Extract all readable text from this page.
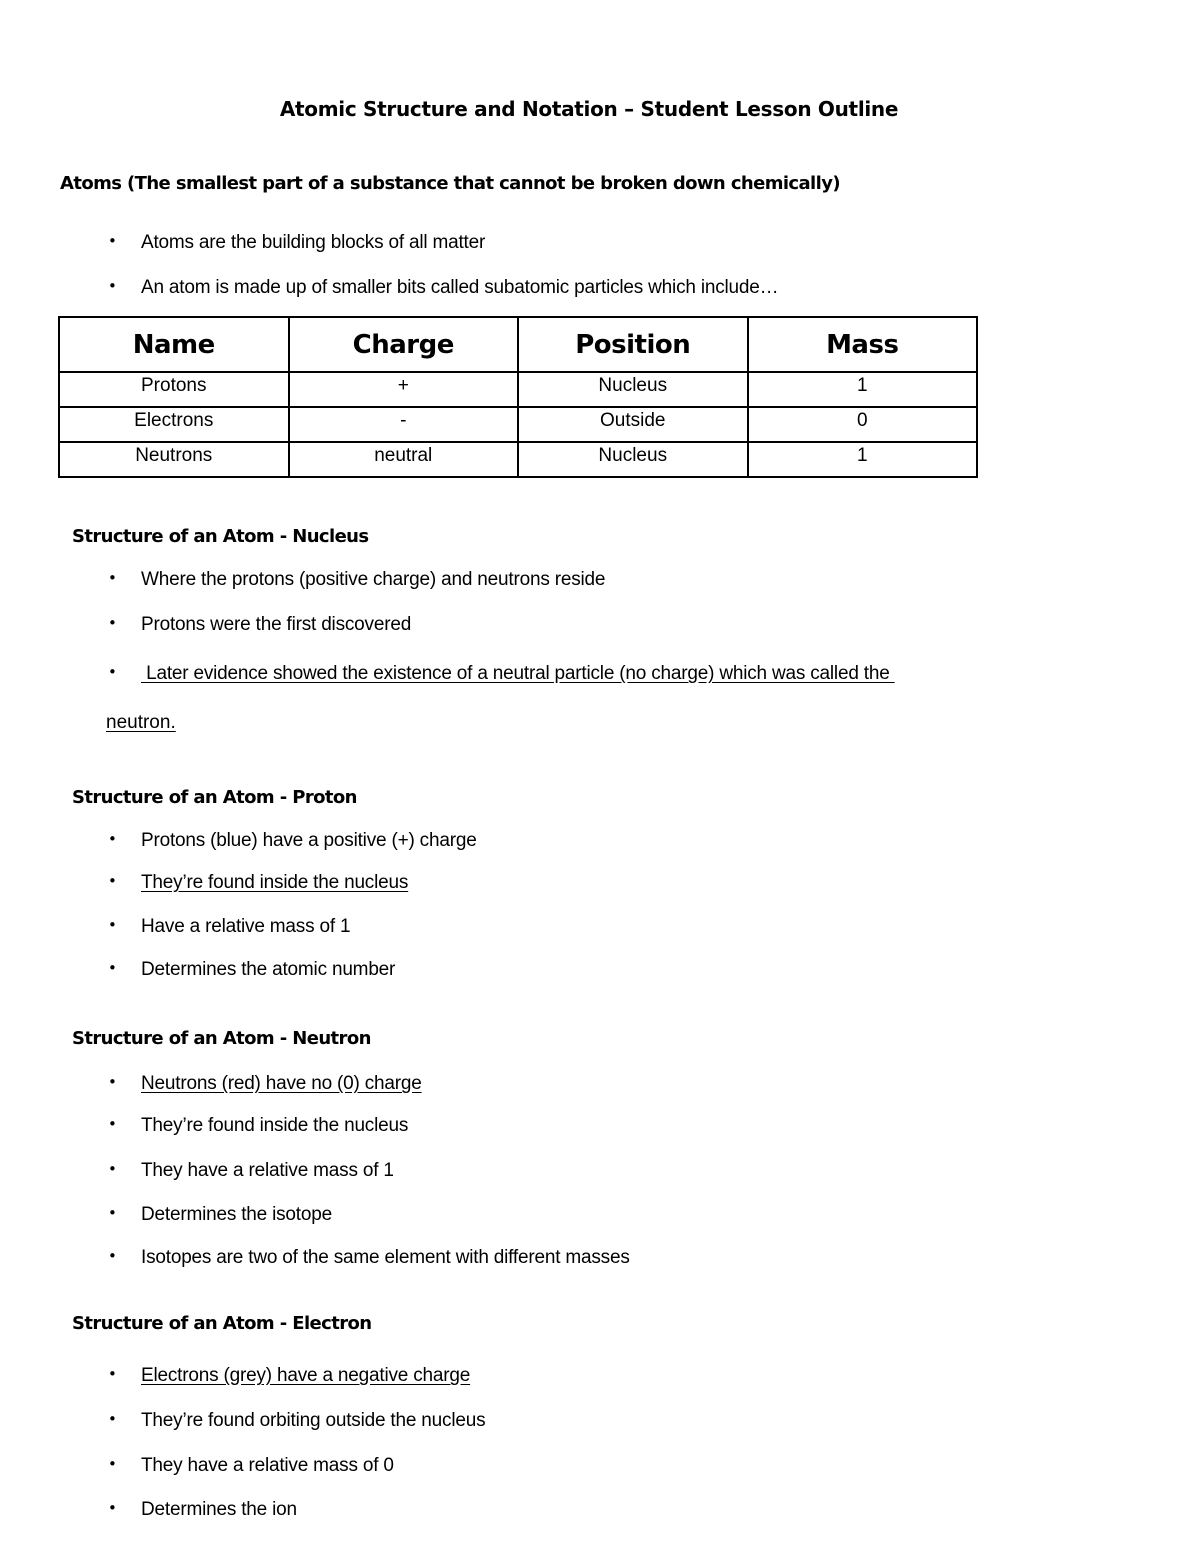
Atomic Structure and Notation – Student Lesson Outline
Atoms (The smallest part of a substance that cannot be broken down chemically)
• Atoms are the building blocks of all matter
• An atom is made up of smaller bits called subatomic particles which include…
Name	Charge	Position	Mass
Protons	+	Nucleus	1
Electrons	-	Outside	0
Neutrons	neutral	Nucleus	1
Structure of an Atom - Nucleus
• Where the protons (positive charge) and neutrons reside
• Protons were the first discovered
• Later evidence showed the existence of a neutral particle (no charge) which was called the
neutron.
Structure of an Atom - Proton
• Protons (blue) have a positive (+) charge
• They’re found inside the nucleus
• Have a relative mass of 1
• Determines the atomic number
Structure of an Atom - Neutron
• Neutrons (red) have no (0) charge
• They’re found inside the nucleus
• They have a relative mass of 1
• Determines the isotope
• Isotopes are two of the same element with different masses
Structure of an Atom - Electron
• Electrons (grey) have a negative charge
• They’re found orbiting outside the nucleus
• They have a relative mass of 0
• Determines the ion
